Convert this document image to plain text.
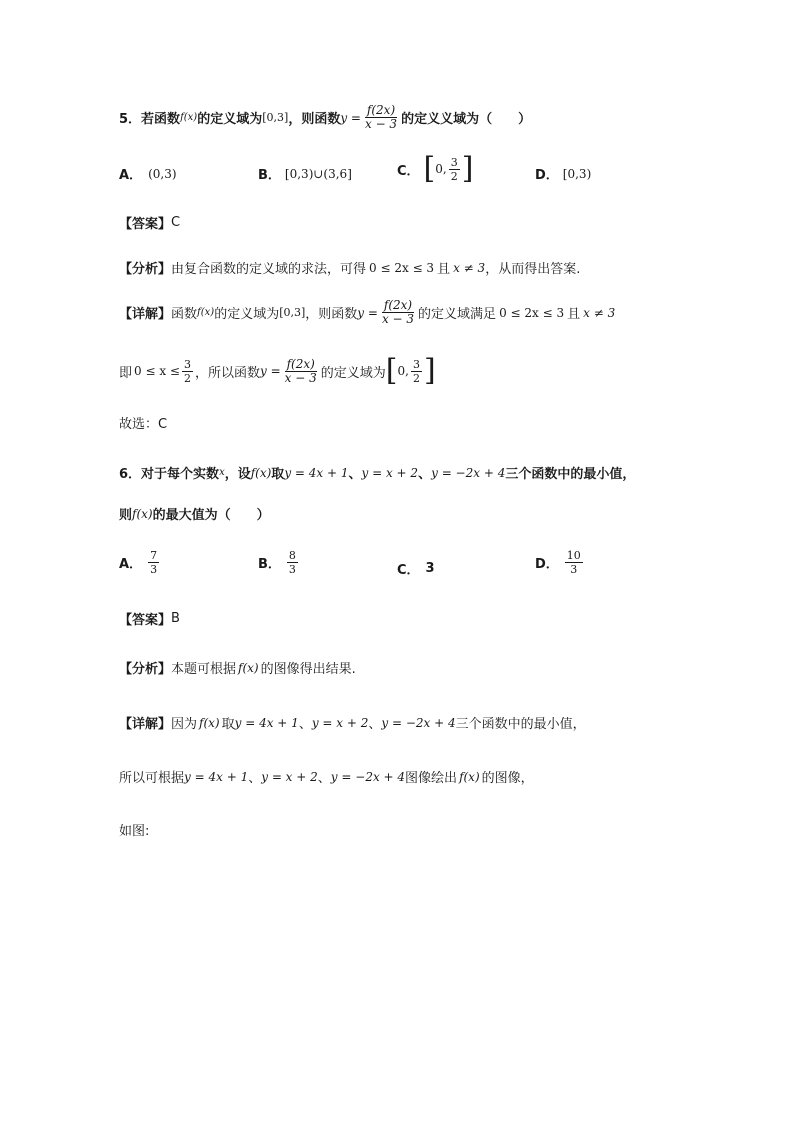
5． 若函数 f(x) 的定义域为 [0,3] ，则函数 $y = \frac{f(2x)}{x - 3}$ 的定义义域为（　　）
A． (0,3)	B． [0,3)∪(3,6]	C． [ 0, $\frac{3}{2}$ ]	D． [0,3)
【答案】 C
【分析】 由复合函数的定义域的求法，可得 0 ≤ 2x ≤ 3 且 x ≠ 3 ，从而得出答案.
【详解】 函数 f(x) 的定义域为 [0,3] ，则函数 $y = \frac{f(2x)}{x - 3}$ 的定义域满足 0 ≤ 2x ≤ 3 且 x ≠ 3
即 $0 \le x \le \frac{3}{2}$ ，所以函数 $y = \frac{f(2x)}{x - 3}$ 的定义域为 [ 0, $\frac{3}{2}$ ]
故选：C
6． 对于每个实数 x ，设 f(x) 取 y = 4x + 1 、 y = x + 2 、 y = −2x + 4 三个函数中的最小值，
则 f(x) 的最大值为（　　）
A． $\frac{7}{3}$	B． $\frac{8}{3}$	C． 3	D． $\frac{10}{3}$
【答案】 B
【分析】 本题可根据 f(x) 的图像得出结果.
【详解】 因为 f(x) 取 y = 4x + 1 、 y = x + 2 、 y = −2x + 4 三个函数中的最小值，
所以可根据 y = 4x + 1 、 y = x + 2 、 y = −2x + 4 图像绘出 f(x) 的图像，
如图:
